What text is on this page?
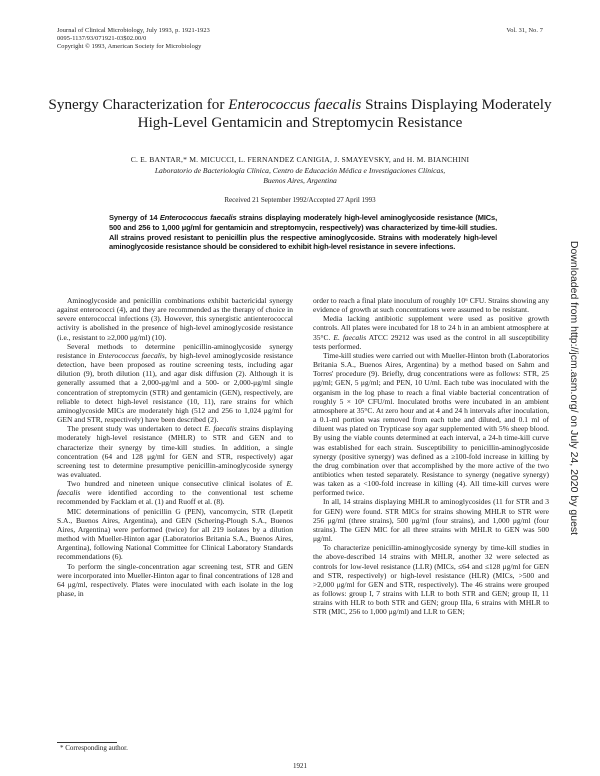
Journal of Clinical Microbiology, July 1993, p. 1921-1923
0095-1137/93/071921-03$02.00/0
Copyright © 1993, American Society for Microbiology
Vol. 31, No. 7
Synergy Characterization for Enterococcus faecalis Strains Displaying Moderately High-Level Gentamicin and Streptomycin Resistance
C. E. BANTAR,* M. MICUCCI, L. FERNANDEZ CANIGIA, J. SMAYEVSKY, and H. M. BIANCHINI
Laboratorio de Bacteriología Clínica, Centro de Educación Médica e Investigaciones Clínicas,
Buenos Aires, Argentina
Received 21 September 1992/Accepted 27 April 1993
Synergy of 14 Enterococcus faecalis strains displaying moderately high-level aminoglycoside resistance (MICs, 500 and 256 to 1,000 μg/ml for gentamicin and streptomycin, respectively) was characterized by time-kill studies. All strains proved resistant to penicillin plus the respective aminoglycoside. Strains with moderately high-level aminoglycoside resistance should be considered to exhibit high-level resistance in severe infections.

Aminoglycoside and penicillin combinations exhibit bactericidal synergy against enterococci (4), and they are recommended as the therapy of choice in severe enterococcal infections (3). However, this synergistic antienterococcal activity is abolished in the presence of high-level aminoglycoside resistance (i.e., resistant to ≥2,000 μg/ml) (10).

Several methods to determine penicillin-aminoglycoside synergy resistance in Enterococcus faecalis, by high-level aminoglycoside resistance detection, have been proposed as routine screening tests, including agar dilution (9), broth dilution (11), and agar disk diffusion (2). Although it is generally assumed that a 2,000-μg/ml and a 500- or 2,000-μg/ml single concentration of streptomycin (STR) and gentamicin (GEN), respectively, are reliable to detect high-level resistance (10, 11), rare strains for which aminoglycoside MICs are moderately high (512 and 256 to 1,024 μg/ml for GEN and STR, respectively) have been described (2).

The present study was undertaken to detect E. faecalis strains displaying moderately high-level resistance (MHLR) to STR and GEN and to characterize their synergy by time-kill studies. In addition, a single concentration (64 and 128 μg/ml for GEN and STR, respectively) agar screening test to determine presumptive penicillin-aminoglycoside synergy was evaluated.

Two hundred and nineteen unique consecutive clinical isolates of E. faecalis were identified according to the conventional test scheme recommended by Facklam et al. (1) and Ruoff et al. (8).

MIC determinations of penicillin G (PEN), vancomycin, STR (Lepetit S.A., Buenos Aires, Argentina), and GEN (Schering-Plough S.A., Buenos Aires, Argentina) were performed (twice) for all 219 isolates by a dilution method with Mueller-Hinton agar (Laboratorios Britania S.A., Buenos Aires, Argentina), following National Committee for Clinical Laboratory Standards recommendations (6).

To perform the single-concentration agar screening test, STR and GEN were incorporated into Mueller-Hinton agar to final concentrations of 128 and 64 μg/ml, respectively. Plates were inoculated with each isolate in the log phase, in

order to reach a final plate inoculum of roughly 10⁶ CFU. Strains showing any evidence of growth at such concentrations were assumed to be resistant.

Media lacking antibiotic supplement were used as positive growth controls. All plates were incubated for 18 to 24 h in an ambient atmosphere at 35°C. E. faecalis ATCC 29212 was used as the control in all susceptibility tests performed.

Time-kill studies were carried out with Mueller-Hinton broth (Laboratorios Britania S.A., Buenos Aires, Argentina) by a method based on Sahm and Torres' procedure (9). Briefly, drug concentrations were as follows: STR, 25 μg/ml; GEN, 5 μg/ml; and PEN, 10 U/ml. Each tube was inoculated with the organism in the log phase to reach a final viable bacterial concentration of roughly 5 × 10⁵ CFU/ml. Inoculated broths were incubated in an ambient atmosphere at 35°C. At zero hour and at 4 and 24 h intervals after inoculation, a 0.1-ml portion was removed from each tube and diluted, and 0.1 ml of diluent was plated on Trypticase soy agar supplemented with 5% sheep blood. By using the viable counts determined at each interval, a 24-h time-kill curve was established for each strain. Susceptibility to penicillin-aminoglycoside synergy (positive synergy) was defined as a ≥100-fold increase in killing by the drug combination over that accomplished by the more active of the two antibiotics when tested separately. Resistance to synergy (negative synergy) was taken as a <100-fold increase in killing (4). All time-kill curves were performed twice.

In all, 14 strains displaying MHLR to aminoglycosides (11 for STR and 3 for GEN) were found. STR MICs for strains showing MHLR to STR were 256 μg/ml (three strains), 500 μg/ml (four strains), and 1,000 μg/ml (four strains). The GEN MIC for all three strains with MHLR to GEN was 500 μg/ml.

To characterize penicillin-aminoglycoside synergy by time-kill studies in the above-described 14 strains with MHLR, another 32 were selected as controls for low-level resistance (LLR) (MICs, ≤64 and ≤128 μg/ml for GEN and STR, respectively) or high-level resistance (HLR) (MICs, >500 and >2,000 μg/ml for GEN and STR, respectively). The 46 strains were grouped as follows: group I, 7 strains with LLR to both STR and GEN; group II, 11 strains with HLR to both STR and GEN; group IIIa, 6 strains with MHLR to STR (MIC, 256 to 1,000 μg/ml) and LLR to GEN;

* Corresponding author.
1921
Downloaded from http://jcm.asm.org/ on July 24, 2020 by guest
